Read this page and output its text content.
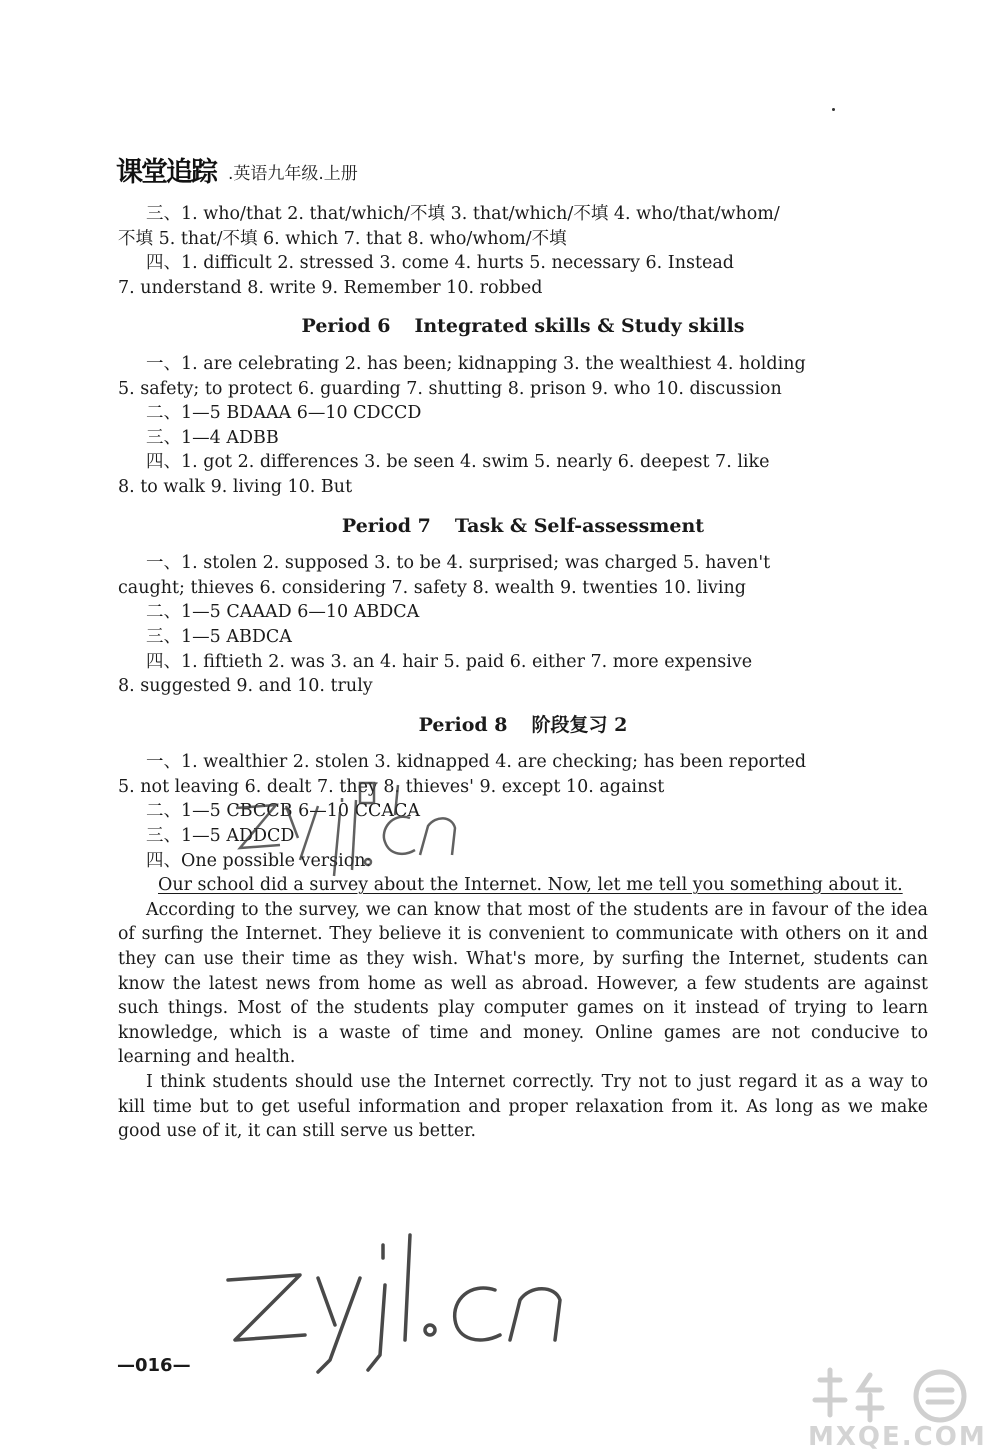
课堂追踪 .英语九年级.上册
三、1. who/that 2. that/which/不填 3. that/which/不填 4. who/that/whom/
不填 5. that/不填 6. which 7. that 8. who/whom/不填
四、1. difficult 2. stressed 3. come 4. hurts 5. necessary 6. Instead
7. understand 8. write 9. Remember 10. robbed
Period 6 Integrated skills & Study skills
一、1. are celebrating 2. has been; kidnapping 3. the wealthiest 4. holding
5. safety; to protect 6. guarding 7. shutting 8. prison 9. who 10. discussion
二、1—5 BDAAA 6—10 CDCCD
三、1—4 ADBB
四、1. got 2. differences 3. be seen 4. swim 5. nearly 6. deepest 7. like
8. to walk 9. living 10. But
Period 7 Task & Self-assessment
一、1. stolen 2. supposed 3. to be 4. surprised; was charged 5. haven't
caught; thieves 6. considering 7. safety 8. wealth 9. twenties 10. living
二、1—5 CAAAD 6—10 ABDCA
三、1—5 ABDCA
四、1. fiftieth 2. was 3. an 4. hair 5. paid 6. either 7. more expensive
8. suggested 9. and 10. truly
Period 8 阶段复习 2
一、1. wealthier 2. stolen 3. kidnapped 4. are checking; has been reported
5. not leaving 6. dealt 7. they 8. thieves' 9. except 10. against
二、1—5 CBCCB 6—10 CCACA
三、1—5 ADDCD
四、One possible version:
Our school did a survey about the Internet. Now, let me tell you something about it.
According to the survey, we can know that most of the students are in favour of the idea of surfing the Internet. They believe it is convenient to communicate with others on it and they can use their time as they wish. What's more, by surfing the Internet, students can know the latest news from home as well as abroad. However, a few students are against such things. Most of the students play computer games on it instead of trying to learn knowledge, which is a waste of time and money. Online games are not conducive to learning and health.
I think students should use the Internet correctly. Try not to just regard it as a way to kill time but to get useful information and proper relaxation from it. As long as we make good use of it, it can still serve us better.
—016—
MXQE.COM
